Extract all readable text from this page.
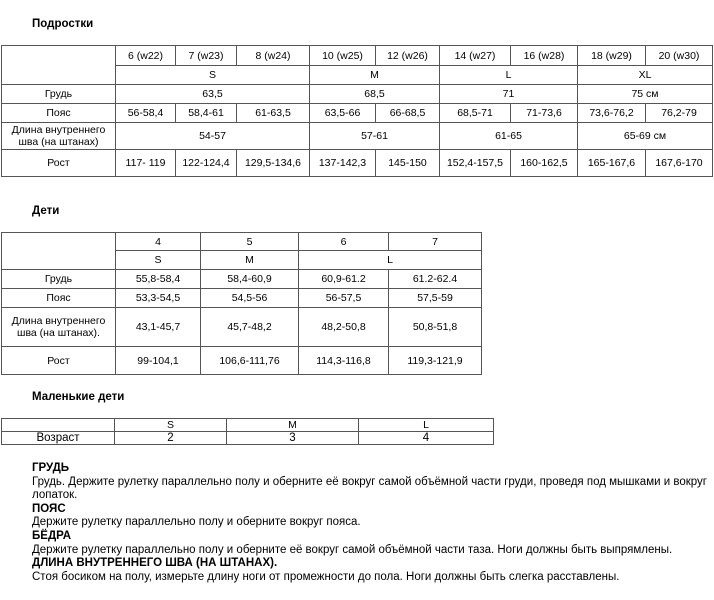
Подростки
	6 (w22)	7 (w23)	8 (w24)	10 (w25)	12 (w26)	14 (w27)	16 (w28)	18 (w29)	20 (w30)
	S			M		L		XL	
Грудь	63,5			68,5		71		75 см	
Пояс	56-58,4	58,4-61	61-63,5	63,5-66	66-68,5	68,5-71	71-73,6	73,6-76,2	76,2-79
Длина внутреннего шва (на штанах)	54-57			57-61		61-65		65-69 см	
Рост	117- 119	122-124,4	129,5-134,6	137-142,3	145-150	152,4-157,5	160-162,5	165-167,6	167,6-170
Дети
	4	5	6	7
	S	M	L	
Грудь	55,8-58,4	58,4-60,9	60,9-61.2	61.2-62.4
Пояс	53,3-54,5	54,5-56	56-57,5	57,5-59
Длина внутреннего шва (на штанах).	43,1-45,7	45,7-48,2	48,2-50,8	50,8-51,8
Рост	99-104,1	106,6-111,76	114,3-116,8	119,3-121,9
Маленькие дети
	S	M	L
Возраст	2	3	4
ГРУДЬ
Грудь. Держите рулетку параллельно полу и оберните её вокруг самой объёмной части груди, проведя под мышками и вокруг лопаток.
ПОЯС
Держите рулетку параллельно полу и оберните вокруг пояса.
БЁДРА
Держите рулетку параллельно полу и оберните её вокруг самой объёмной части таза. Ноги должны быть выпрямлены.
ДЛИНА ВНУТРЕННЕГО ШВА (НА ШТАНАХ).
Стоя босиком на полу, измерьте длину ноги от промежности до пола. Ноги должны быть слегка расставлены.
